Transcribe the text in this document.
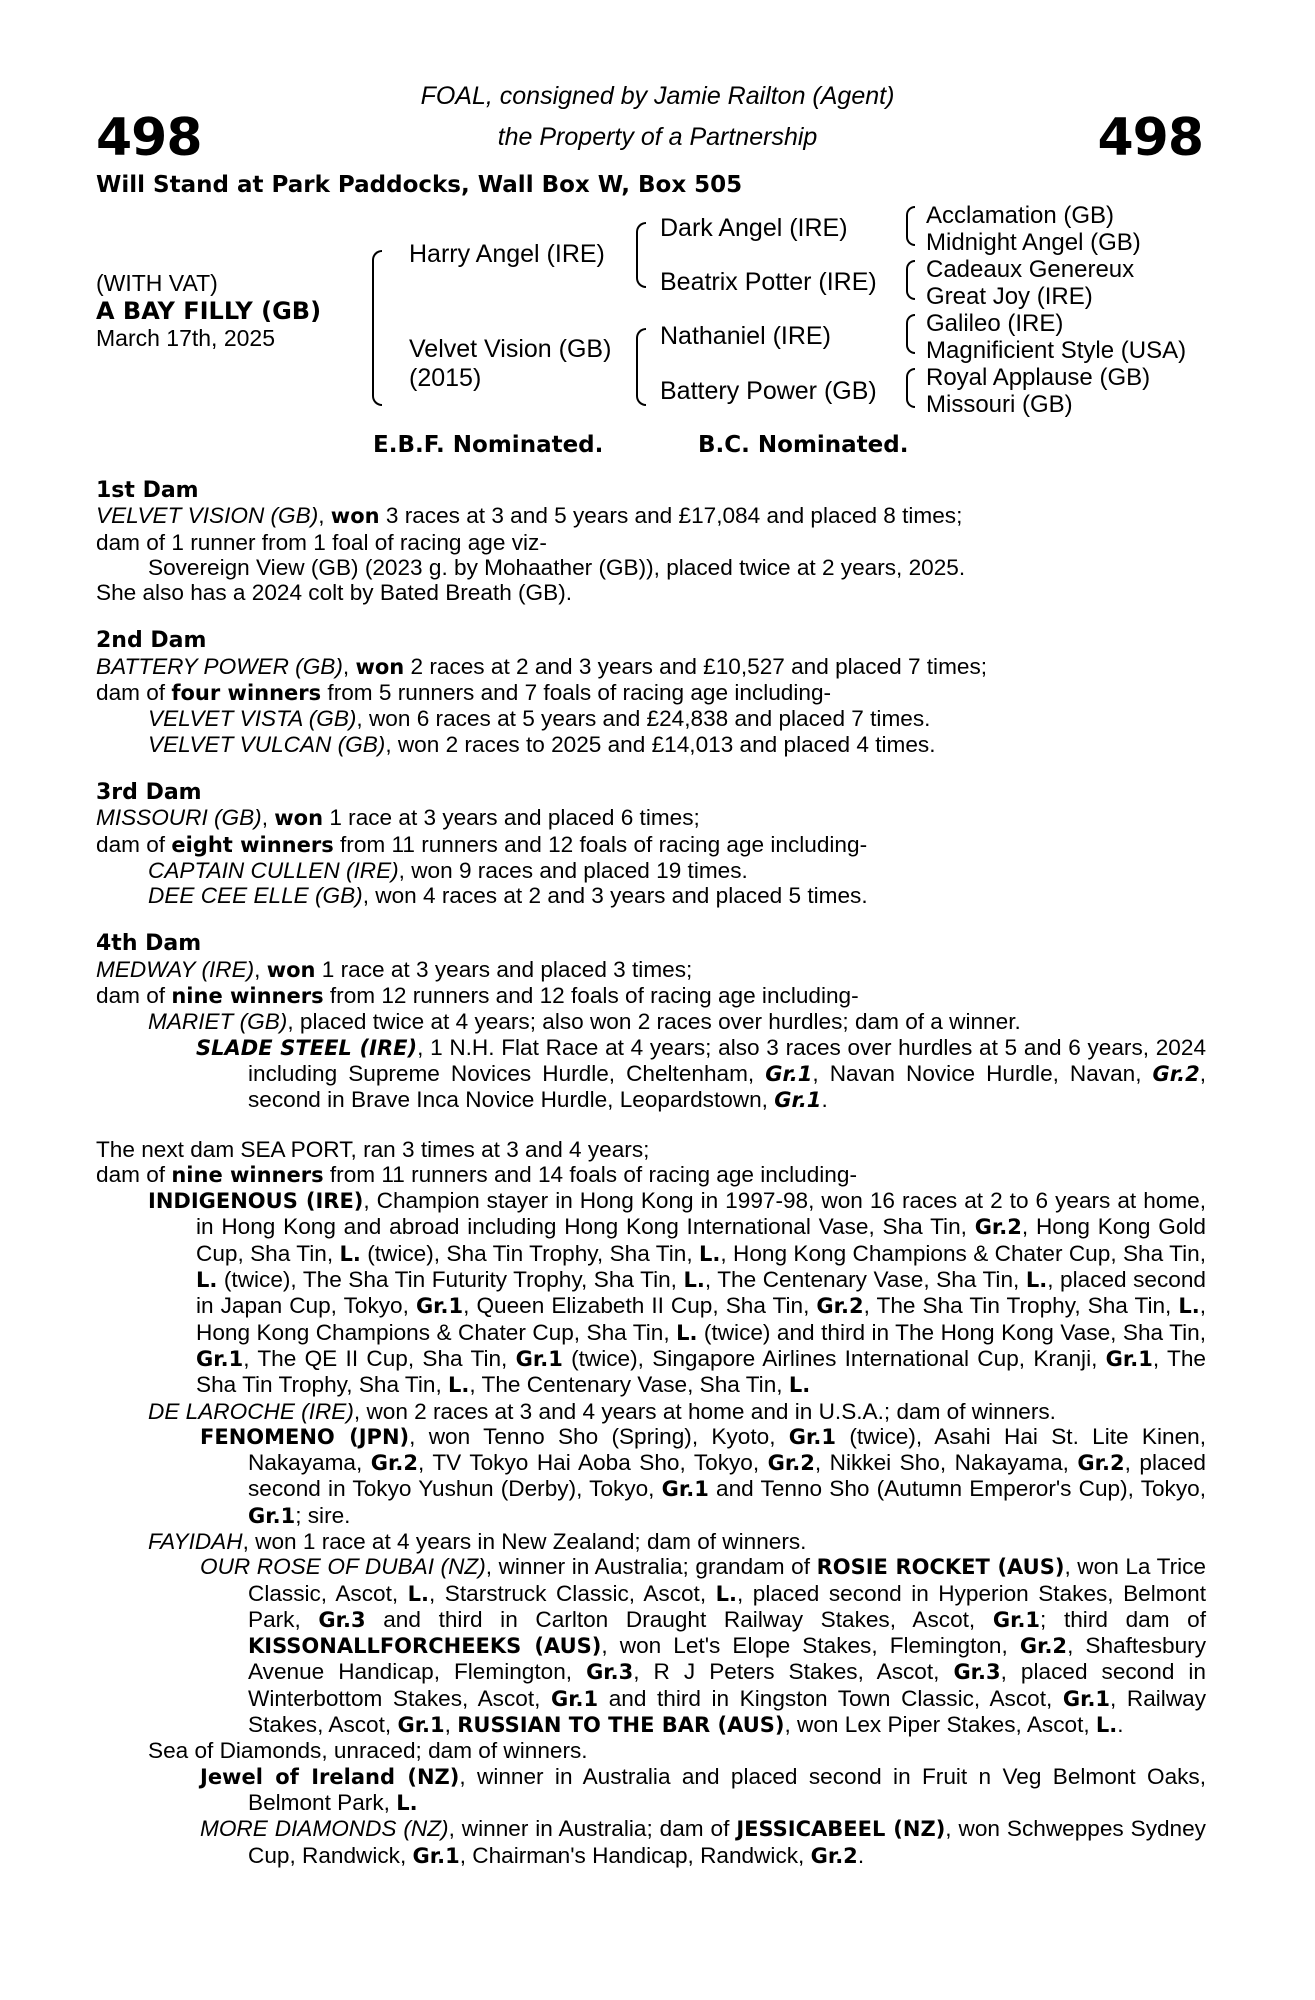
498	498
FOAL, consigned by Jamie Railton (Agent)
the Property of a Partnership
Will Stand at Park Paddocks, Wall Box W, Box 505
(WITH VAT)
A BAY FILLY (GB)
March 17th, 2025
Harry Angel (IRE)
Velvet Vision (GB)
(2015)
Dark Angel (IRE)
Beatrix Potter (IRE)
Nathaniel (IRE)
Battery Power (GB)
Acclamation (GB)
Midnight Angel (GB)
Cadeaux Genereux
Great Joy (IRE)
Galileo (IRE)
Magnificient Style (USA)
Royal Applause (GB)
Missouri (GB)
E.B.F. Nominated.	B.C. Nominated.
1st Dam
VELVET VISION (GB), won 3 races at 3 and 5 years and £17,084 and placed 8 times;
dam of 1 runner from 1 foal of racing age viz-
Sovereign View (GB) (2023 g. by Mohaather (GB)), placed twice at 2 years, 2025.
She also has a 2024 colt by Bated Breath (GB).
2nd Dam
BATTERY POWER (GB), won 2 races at 2 and 3 years and £10,527 and placed 7 times;
dam of four winners from 5 runners and 7 foals of racing age including-
VELVET VISTA (GB), won 6 races at 5 years and £24,838 and placed 7 times.
VELVET VULCAN (GB), won 2 races to 2025 and £14,013 and placed 4 times.
3rd Dam
MISSOURI (GB), won 1 race at 3 years and placed 6 times;
dam of eight winners from 11 runners and 12 foals of racing age including-
CAPTAIN CULLEN (IRE), won 9 races and placed 19 times.
DEE CEE ELLE (GB), won 4 races at 2 and 3 years and placed 5 times.
4th Dam
MEDWAY (IRE), won 1 race at 3 years and placed 3 times;
dam of nine winners from 12 runners and 12 foals of racing age including-
MARIET (GB), placed twice at 4 years; also won 2 races over hurdles; dam of a winner.
SLADE STEEL (IRE), 1 N.H. Flat Race at 4 years; also 3 races over hurdles at 5 and 6 years, 2024 including Supreme Novices Hurdle, Cheltenham, Gr.1, Navan Novice Hurdle, Navan, Gr.2, second in Brave Inca Novice Hurdle, Leopardstown, Gr.1.
The next dam SEA PORT, ran 3 times at 3 and 4 years;
dam of nine winners from 11 runners and 14 foals of racing age including-
INDIGENOUS (IRE), Champion stayer in Hong Kong in 1997-98, won 16 races at 2 to 6 years at home, in Hong Kong and abroad including Hong Kong International Vase, Sha Tin, Gr.2, Hong Kong Gold Cup, Sha Tin, L. (twice), Sha Tin Trophy, Sha Tin, L., Hong Kong Champions & Chater Cup, Sha Tin, L. (twice), The Sha Tin Futurity Trophy, Sha Tin, L., The Centenary Vase, Sha Tin, L., placed second in Japan Cup, Tokyo, Gr.1, Queen Elizabeth II Cup, Sha Tin, Gr.2, The Sha Tin Trophy, Sha Tin, L., Hong Kong Champions & Chater Cup, Sha Tin, L. (twice) and third in The Hong Kong Vase, Sha Tin, Gr.1, The QE II Cup, Sha Tin, Gr.1 (twice), Singapore Airlines International Cup, Kranji, Gr.1, The Sha Tin Trophy, Sha Tin, L., The Centenary Vase, Sha Tin, L.
DE LAROCHE (IRE), won 2 races at 3 and 4 years at home and in U.S.A.; dam of winners.
FENOMENO (JPN), won Tenno Sho (Spring), Kyoto, Gr.1 (twice), Asahi Hai St. Lite Kinen, Nakayama, Gr.2, TV Tokyo Hai Aoba Sho, Tokyo, Gr.2, Nikkei Sho, Nakayama, Gr.2, placed second in Tokyo Yushun (Derby), Tokyo, Gr.1 and Tenno Sho (Autumn Emperor's Cup), Tokyo, Gr.1; sire.
FAYIDAH, won 1 race at 4 years in New Zealand; dam of winners.
OUR ROSE OF DUBAI (NZ), winner in Australia; grandam of ROSIE ROCKET (AUS), won La Trice Classic, Ascot, L., Starstruck Classic, Ascot, L., placed second in Hyperion Stakes, Belmont Park, Gr.3 and third in Carlton Draught Railway Stakes, Ascot, Gr.1; third dam of KISSONALLFORCHEEKS (AUS), won Let's Elope Stakes, Flemington, Gr.2, Shaftesbury Avenue Handicap, Flemington, Gr.3, R J Peters Stakes, Ascot, Gr.3, placed second in Winterbottom Stakes, Ascot, Gr.1 and third in Kingston Town Classic, Ascot, Gr.1, Railway Stakes, Ascot, Gr.1, RUSSIAN TO THE BAR (AUS), won Lex Piper Stakes, Ascot, L..
Sea of Diamonds, unraced; dam of winners.
Jewel of Ireland (NZ), winner in Australia and placed second in Fruit n Veg Belmont Oaks, Belmont Park, L.
MORE DIAMONDS (NZ), winner in Australia; dam of JESSICABEEL (NZ), won Schweppes Sydney Cup, Randwick, Gr.1, Chairman's Handicap, Randwick, Gr.2.
